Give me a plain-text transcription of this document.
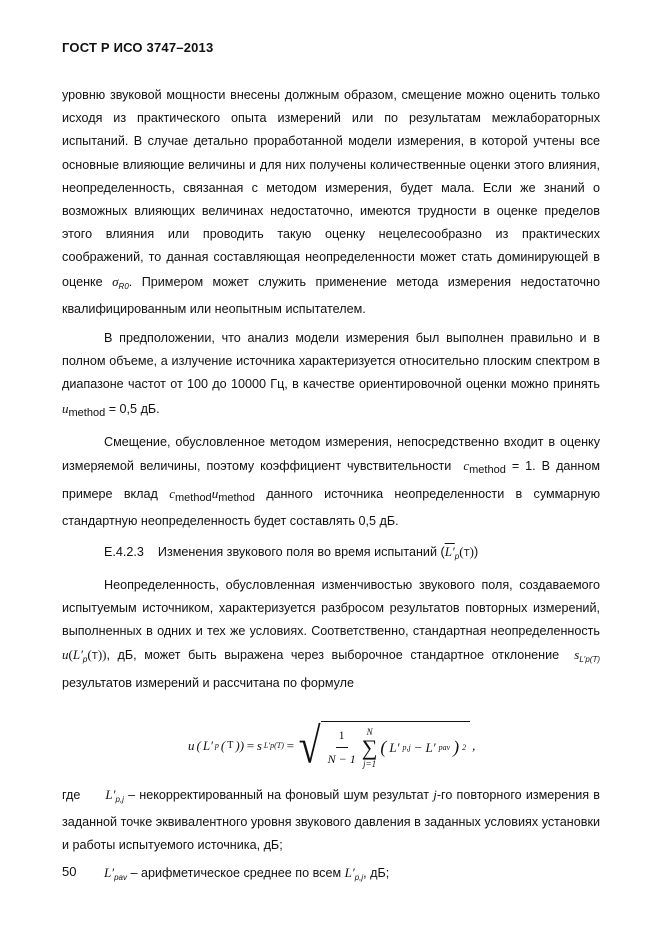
ГОСТ Р ИСО 3747–2013

уровню звуковой мощности внесены должным образом, смещение можно оценить только исходя из практического опыта измерений или по результатам межлабораторных испытаний. В случае детально проработанной модели измерения, в которой учтены все основные влияющие величины и для них получены количественные оценки этого влияния, неопределенность, связанная с методом измерения, будет мала. Если же знаний о возможных влияющих величинах недостаточно, имеются трудности в оценке пределов этого влияния или проводить такую оценку нецелесообразно из практических соображений, то данная составляющая неопределенности может стать доминирующей в оценке $\sigma_{R0}$. Примером может служить применение метода измерения недостаточно квалифицированным или неопытным испытателем.

В предположении, что анализ модели измерения был выполнен правильно и в полном объеме, а излучение источника характеризуется относительно плоским спектром в диапазоне частот от 100 до 10000 Гц, в качестве ориентировочной оценки можно принять $u_{method} = 0,5$ дБ.

Смещение, обусловленное методом измерения, непосредственно входит в оценку измеряемой величины, поэтому коэффициент чувствительности $c_{method} = 1$. В данном примере вклад $c_{method}u_{method}$ данного источника неопределенности в суммарную стандартную неопределенность будет составлять 0,5 дБ.

E.4.2.3 Изменения звукового поля во время испытаний $(L'_p(T))$

Неопределенность, обусловленная изменчивостью звукового поля, создаваемого испытуемым источником, характеризуется разбросом результатов повторных измерений, выполненных в одних и тех же условиях. Соответственно, стандартная неопределенность $u(L'_p(T))$, дБ, может быть выражена через выборочное стандартное отклонение $s_{L'p(T)}$ результатов измерений и рассчитана по формуле

u ( L′ p ( T )) = s L′p(T) = √ $\frac{1}{N - 1}$ N
∑
j=1
( L′ p,j − L′ pav ) 2 ,

где $L'_{p,j}$ – некорректированный на фоновый шум результат j-го повторного измерения в заданной точке эквивалентного уровня звукового давления в заданных условиях установки и работы испытуемого источника, дБ;

$L'_{pav}$ – арифметическое среднее по всем $L'_{p,j}$, дБ;

50
